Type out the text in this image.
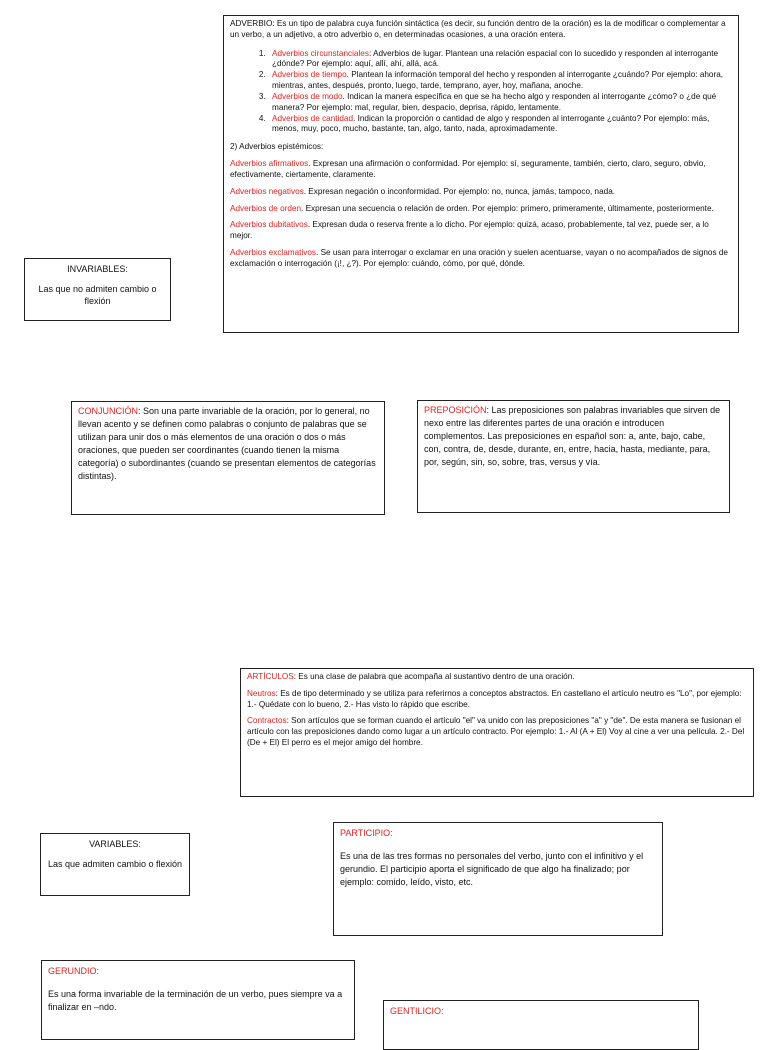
ADVERBIO: Es un tipo de palabra cuya función sintáctica (es decir, su función dentro de la oración) es la de modificar o complementar a un verbo, a un adjetivo, a otro adverbio o, en determinadas ocasiones, a una oración entera.

1. Adverbios circunstanciales: Adverbios de lugar. Plantean una relación espacial con lo sucedido y responden al interrogante ¿dónde? Por ejemplo: aquí, allí, ahí, allá, acá.
2. Adverbios de tiempo. Plantean la información temporal del hecho y responden al interrogante ¿cuándo? Por ejemplo: ahora, mientras, antes, después, pronto, luego, tarde, temprano, ayer, hoy, mañana, anoche.
3. Adverbios de modo. Indican la manera específica en que se ha hecho algo y responden al interrogante ¿cómo? o ¿de qué manera? Por ejemplo: mal, regular, bien, despacio, deprisa, rápido, lentamente.
4. Adverbios de cantidad. Indican la proporción o cantidad de algo y responden al interrogante ¿cuánto? Por ejemplo: más, menos, muy, poco, mucho, bastante, tan, algo, tanto, nada, aproximadamente.

2) Adverbios epistémicos:

Adverbios afirmativos. Expresan una afirmación o conformidad. Por ejemplo: sí, seguramente, también, cierto, claro, seguro, obvio, efectivamente, ciertamente, claramente.

Adverbios negativos. Expresan negación o inconformidad. Por ejemplo: no, nunca, jamás, tampoco, nada.

Adverbios de orden. Expresan una secuencia o relación de orden. Por ejemplo: primero, primeramente, últimamente, posteriormente.

Adverbios dubitativos. Expresan duda o reserva frente a lo dicho. Por ejemplo: quizá, acaso, probablemente, tal vez, puede ser, a lo mejor.

Adverbios exclamativos. Se usan para interrogar o exclamar en una oración y suelen acentuarse, vayan o no acompañados de signos de exclamación o interrogación (¡!, ¿?). Por ejemplo: cuándo, cómo, por qué, dónde.

INVARIABLES:

Las que no admiten cambio o flexión

CONJUNCIÓN: Son una parte invariable de la oración, por lo general, no llevan acento y se definen como palabras o conjunto de palabras que se utilizan para unir dos o más elementos de una oración o dos o más oraciones, que pueden ser coordinantes (cuando tienen la misma categoría) o subordinantes (cuando se presentan elementos de categorías distintas).

PREPOSICIÓN: Las preposiciones son palabras invariables que sirven de nexo entre las diferentes partes de una oración e introducen complementos. Las preposiciones en español son: a, ante, bajo, cabe, con, contra, de, desde, durante, en, entre, hacia, hasta, mediante, para, por, según, sin, so, sobre, tras, versus y vía.

ARTÍCULOS: Es una clase de palabra que acompaña al sustantivo dentro de una oración.

Neutros: Es de tipo determinado y se utiliza para referirnos a conceptos abstractos. En castellano el artículo neutro es "Lo", por ejemplo: 1.- Quédate con lo bueno, 2.- Has visto lo rápido que escribe.

Contractos: Son artículos que se forman cuando el artículo "el" va unido con las preposiciones "a" y "de". De esta manera se fusionan el artículo con las preposiciones dando como lugar a un artículo contracto. Por ejemplo: 1.- Al (A + El) Voy al cine a ver una película. 2.- Del (De + El) El perro es el mejor amigo del hombre.

VARIABLES:

Las que admiten cambio o flexión

PARTICIPIO:

Es una de las tres formas no personales del verbo, junto con el infinitivo y el gerundio. El participio aporta el significado de que algo ha finalizado; por ejemplo: comido, leído, visto, etc.

GERUNDIO:

Es una forma invariable de la terminación de un verbo, pues siempre va a finalizar en –ndo.	GENTILICIO:
